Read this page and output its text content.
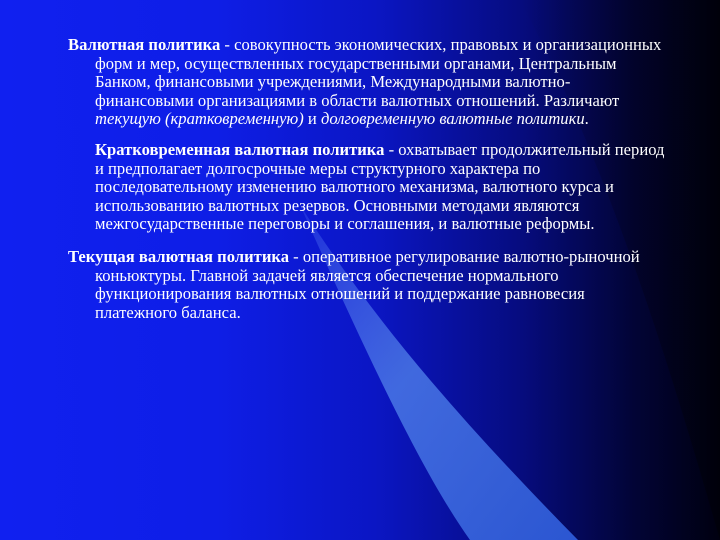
Валютная политика - совокупность экономических, правовых и организационных форм и мер, осуществленных государственными органами, Центральным Банком, финансовыми учреждениями, Международными валютно-финансовыми организациями в области валютных отношений. Различают текущую (кратковременную) и долговременную валютные политики.

Кратковременная валютная политика - охватывает продолжительный период и предполагает долгосрочные меры структурного характера по последовательному изменению валютного механизма, валютного курса и использованию валютных резервов. Основными методами являются межгосударственные переговоры и соглашения, и валютные реформы.

Текущая валютная политика - оперативное регулирование валютно-рыночной коньюктуры. Главной задачей является обеспечение нормального функционирования валютных отношений и поддержание равновесия платежного баланса.
